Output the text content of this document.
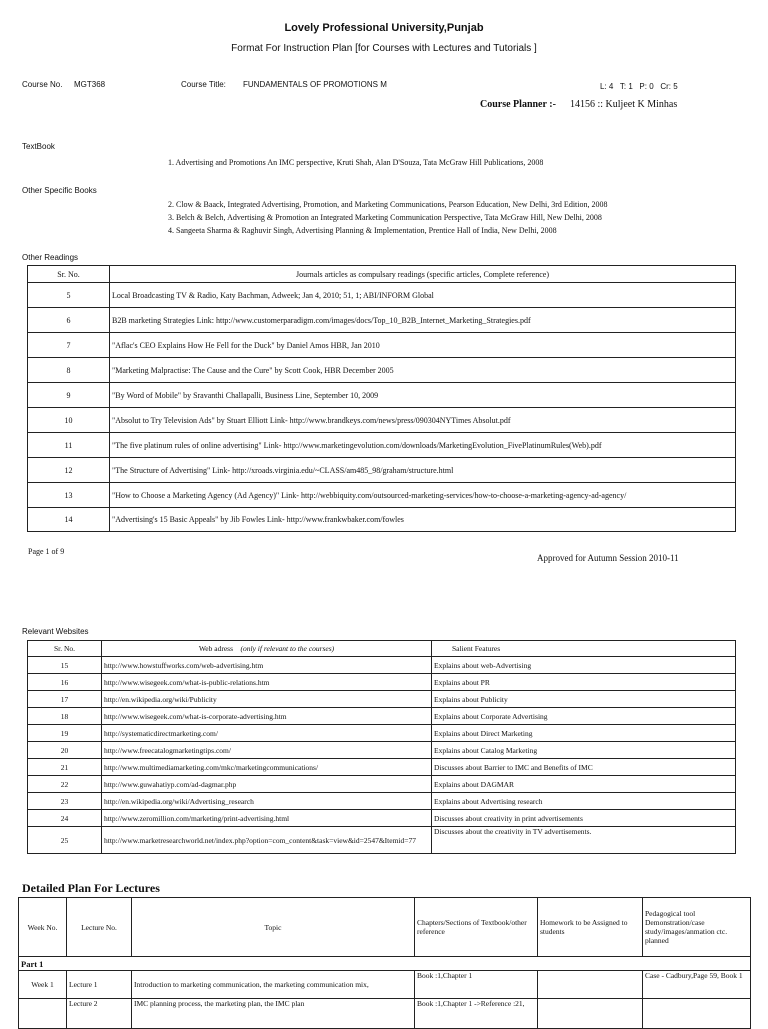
Lovely Professional University,Punjab
Format For Instruction Plan [for Courses with Lectures and Tutorials ]
Course No. MGT368	Course Title: FUNDAMENTALS OF PROMOTIONS M	L: 4   T: 1   P: 0   Cr: 5
Course Planner :- 14156 :: Kuljeet K Minhas
TextBook
1. Advertising and Promotions An IMC perspective, Kruti Shah, Alan D'Souza, Tata McGraw Hill Publications, 2008
Other Specific Books
2. Clow & Baack, Integrated Advertising, Promotion, and Marketing Communications, Pearson Education, New Delhi, 3rd Edition, 2008
3. Belch & Belch, Advertising & Promotion an Integrated Marketing Communication Perspective, Tata McGraw Hill, New Delhi, 2008
4. Sangeeta Sharma & Raghuvir Singh, Advertising Planning & Implementation, Prentice Hall of India, New Delhi, 2008
Other Readings
Sr. No.	Journals articles as compulsary readings (specific articles, Complete reference)
5	Local Broadcasting TV & Radio, Katy Bachman, Adweek; Jan 4, 2010; 51, 1; ABI/INFORM Global
6	B2B marketing Strategies Link: http://www.customerparadigm.com/images/docs/Top_10_B2B_Internet_Marketing_Strategies.pdf
7	"Aflac's CEO Explains How He Fell for the Duck" by Daniel Amos HBR, Jan 2010
8	"Marketing Malpractise: The Cause and the Cure" by Scott Cook, HBR December 2005
9	"By Word of Mobile" by Sravanthi Challapalli, Business Line, September 10, 2009
10	"Absolut to Try Television Ads" by Stuart Elliott Link- http://www.brandkeys.com/news/press/090304NYTimes Absolut.pdf
11	"The five platinum rules of online advertising" Link- http://www.marketingevolution.com/downloads/MarketingEvolution_FivePlatinumRules(Web).pdf
12	"The Structure of Advertising" Link- http://xroads.virginia.edu/~CLASS/am485_98/graham/structure.html
13	"How to Choose a Marketing Agency (Ad Agency)" Link- http://webbiquity.com/outsourced-marketing-services/how-to-choose-a-marketing-agency-ad-agency/
14	"Advertising's 15 Basic Appeals" by Jib Fowles Link- http://www.frankwbaker.com/fowles
Page 1 of 9
Approved for Autumn Session 2010-11
Relevant Websites
Sr. No.	Web adress (only if relevant to the courses)	Salient Features
15	http://www.howstuffworks.com/web-advertising.htm	Explains about web-Advertising
16	http://www.wisegeek.com/what-is-public-relations.htm	Explains about PR
17	http://en.wikipedia.org/wiki/Publicity	Explains about Publicity
18	http://www.wisegeek.com/what-is-corporate-advertising.htm	Explains about Corporate Advertising
19	http://systematicdirectmarketing.com/	Explains about Direct Marketing
20	http://www.freecatalogmarketingtips.com/	Explains about Catalog Marketing
21	http://www.multimediamarketing.com/mkc/marketingcommunications/	Discusses about Barrier to IMC and Benefits of IMC
22	http://www.guwahatiyp.com/ad-dagmar.php	Explains about DAGMAR
23	http://en.wikipedia.org/wiki/Advertising_research	Explains about Advertising research
24	http://www.zeromillion.com/marketing/print-advertising.html	Discusses about creativity in print advertisements
25	http://www.marketresearchworld.net/index.php?option=com_content&task=view&id=2547&Itemid=77	Discusses about the creativity in TV advertisements.
Detailed Plan For Lectures
Week No.	Lecture No.	Topic	Chapters/Sections of Textbook/other reference	Homework to be Assigned to students	Pedagogical tool Demonstration/case study/images/anmation ctc. planned
Part 1					
Week 1	Lecture 1	Introduction to marketing communication, the marketing communication mix,	Book :1,Chapter 1		Case - Cadbury,Page 59, Book 1
	Lecture 2	IMC planning process, the marketing plan, the IMC plan	Book :1,Chapter 1 ->Reference :21,		
